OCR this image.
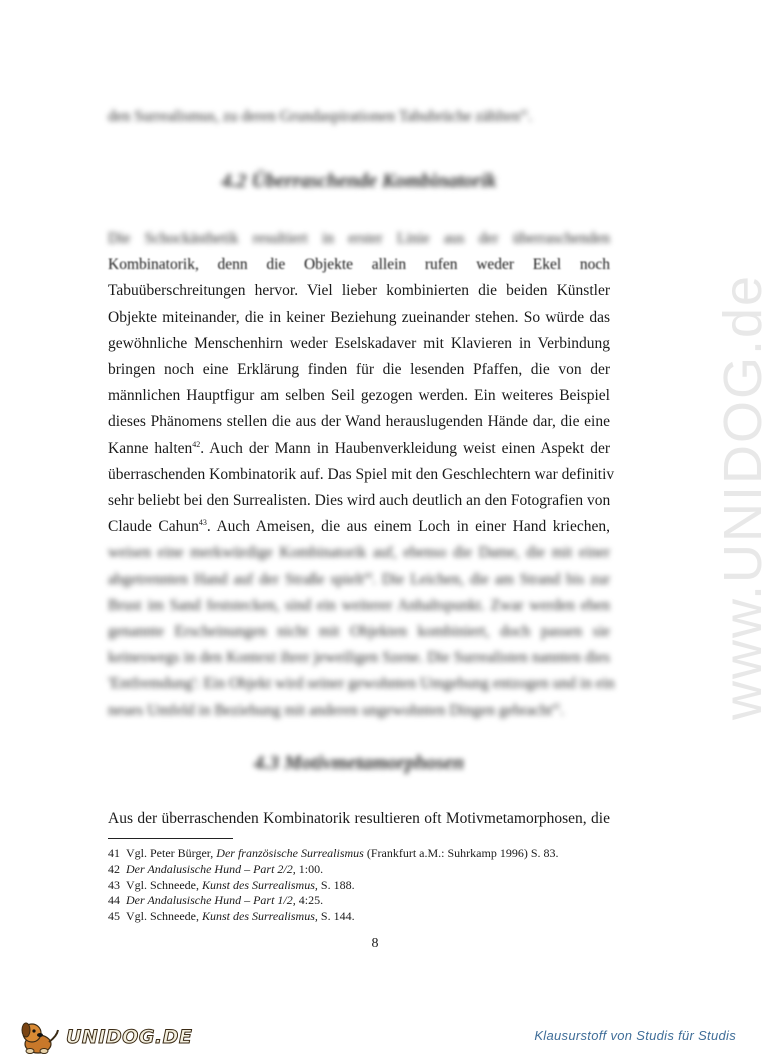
den Surrealismus, zu deren Grundaspirationen Tabubrüche zählten$^{41}$.
4.2 Überraschende Kombinatorik
Die Schockästhetik resultiert in erster Linie aus der überraschenden
Kombinatorik, denn die Objekte allein rufen weder Ekel noch
Tabuüberschreitungen hervor. Viel lieber kombinierten die beiden Künstler
Objekte miteinander, die in keiner Beziehung zueinander stehen. So würde das
gewöhnliche Menschenhirn weder Eselskadaver mit Klavieren in Verbindung
bringen noch eine Erklärung finden für die lesenden Pfaffen, die von der
männlichen Hauptfigur am selben Seil gezogen werden. Ein weiteres Beispiel
dieses Phänomens stellen die aus der Wand herauslugenden Hände dar, die eine
Kanne halten$^{42}$. Auch der Mann in Haubenverkleidung weist einen Aspekt der
überraschenden Kombinatorik auf. Das Spiel mit den Geschlechtern war definitiv
sehr beliebt bei den Surrealisten. Dies wird auch deutlich an den Fotografien von
Claude Cahun$^{43}$. Auch Ameisen, die aus einem Loch in einer Hand kriechen,
weisen eine merkwürdige Kombinatorik auf, ebenso die Dame, die mit einer
abgetrennten Hand auf der Straße spielt$^{44}$. Die Leichen, die am Strand bis zur
Brust im Sand feststecken, sind ein weiterer Anhaltspunkt. Zwar werden eben
genannte Erscheinungen nicht mit Objekten kombiniert, doch passen sie
keineswegs in den Kontext ihrer jeweiligen Szene. Die Surrealisten nannten dies
'Entfremdung': Ein Objekt wird seiner gewohnten Umgebung entzogen und in ein
neues Umfeld in Beziehung mit anderen ungewohnten Dingen gebracht$^{45}$.
4.3 Motivmetamorphosen
Aus der überraschenden Kombinatorik resultieren oft Motivmetamorphosen, die
41 Vgl. Peter Bürger, Der französische Surrealismus (Frankfurt a.M.: Suhrkamp 1996) S. 83.
42 Der Andalusische Hund – Part 2/2, 1:00.
43 Vgl. Schneede, Kunst des Surrealismus, S. 188.
44 Der Andalusische Hund – Part 1/2, 4:25.
45 Vgl. Schneede, Kunst des Surrealismus, S. 144.
8
www.UNIDOG.de
UNIDOG.DE	Klausurstoff von Studis für Studis
